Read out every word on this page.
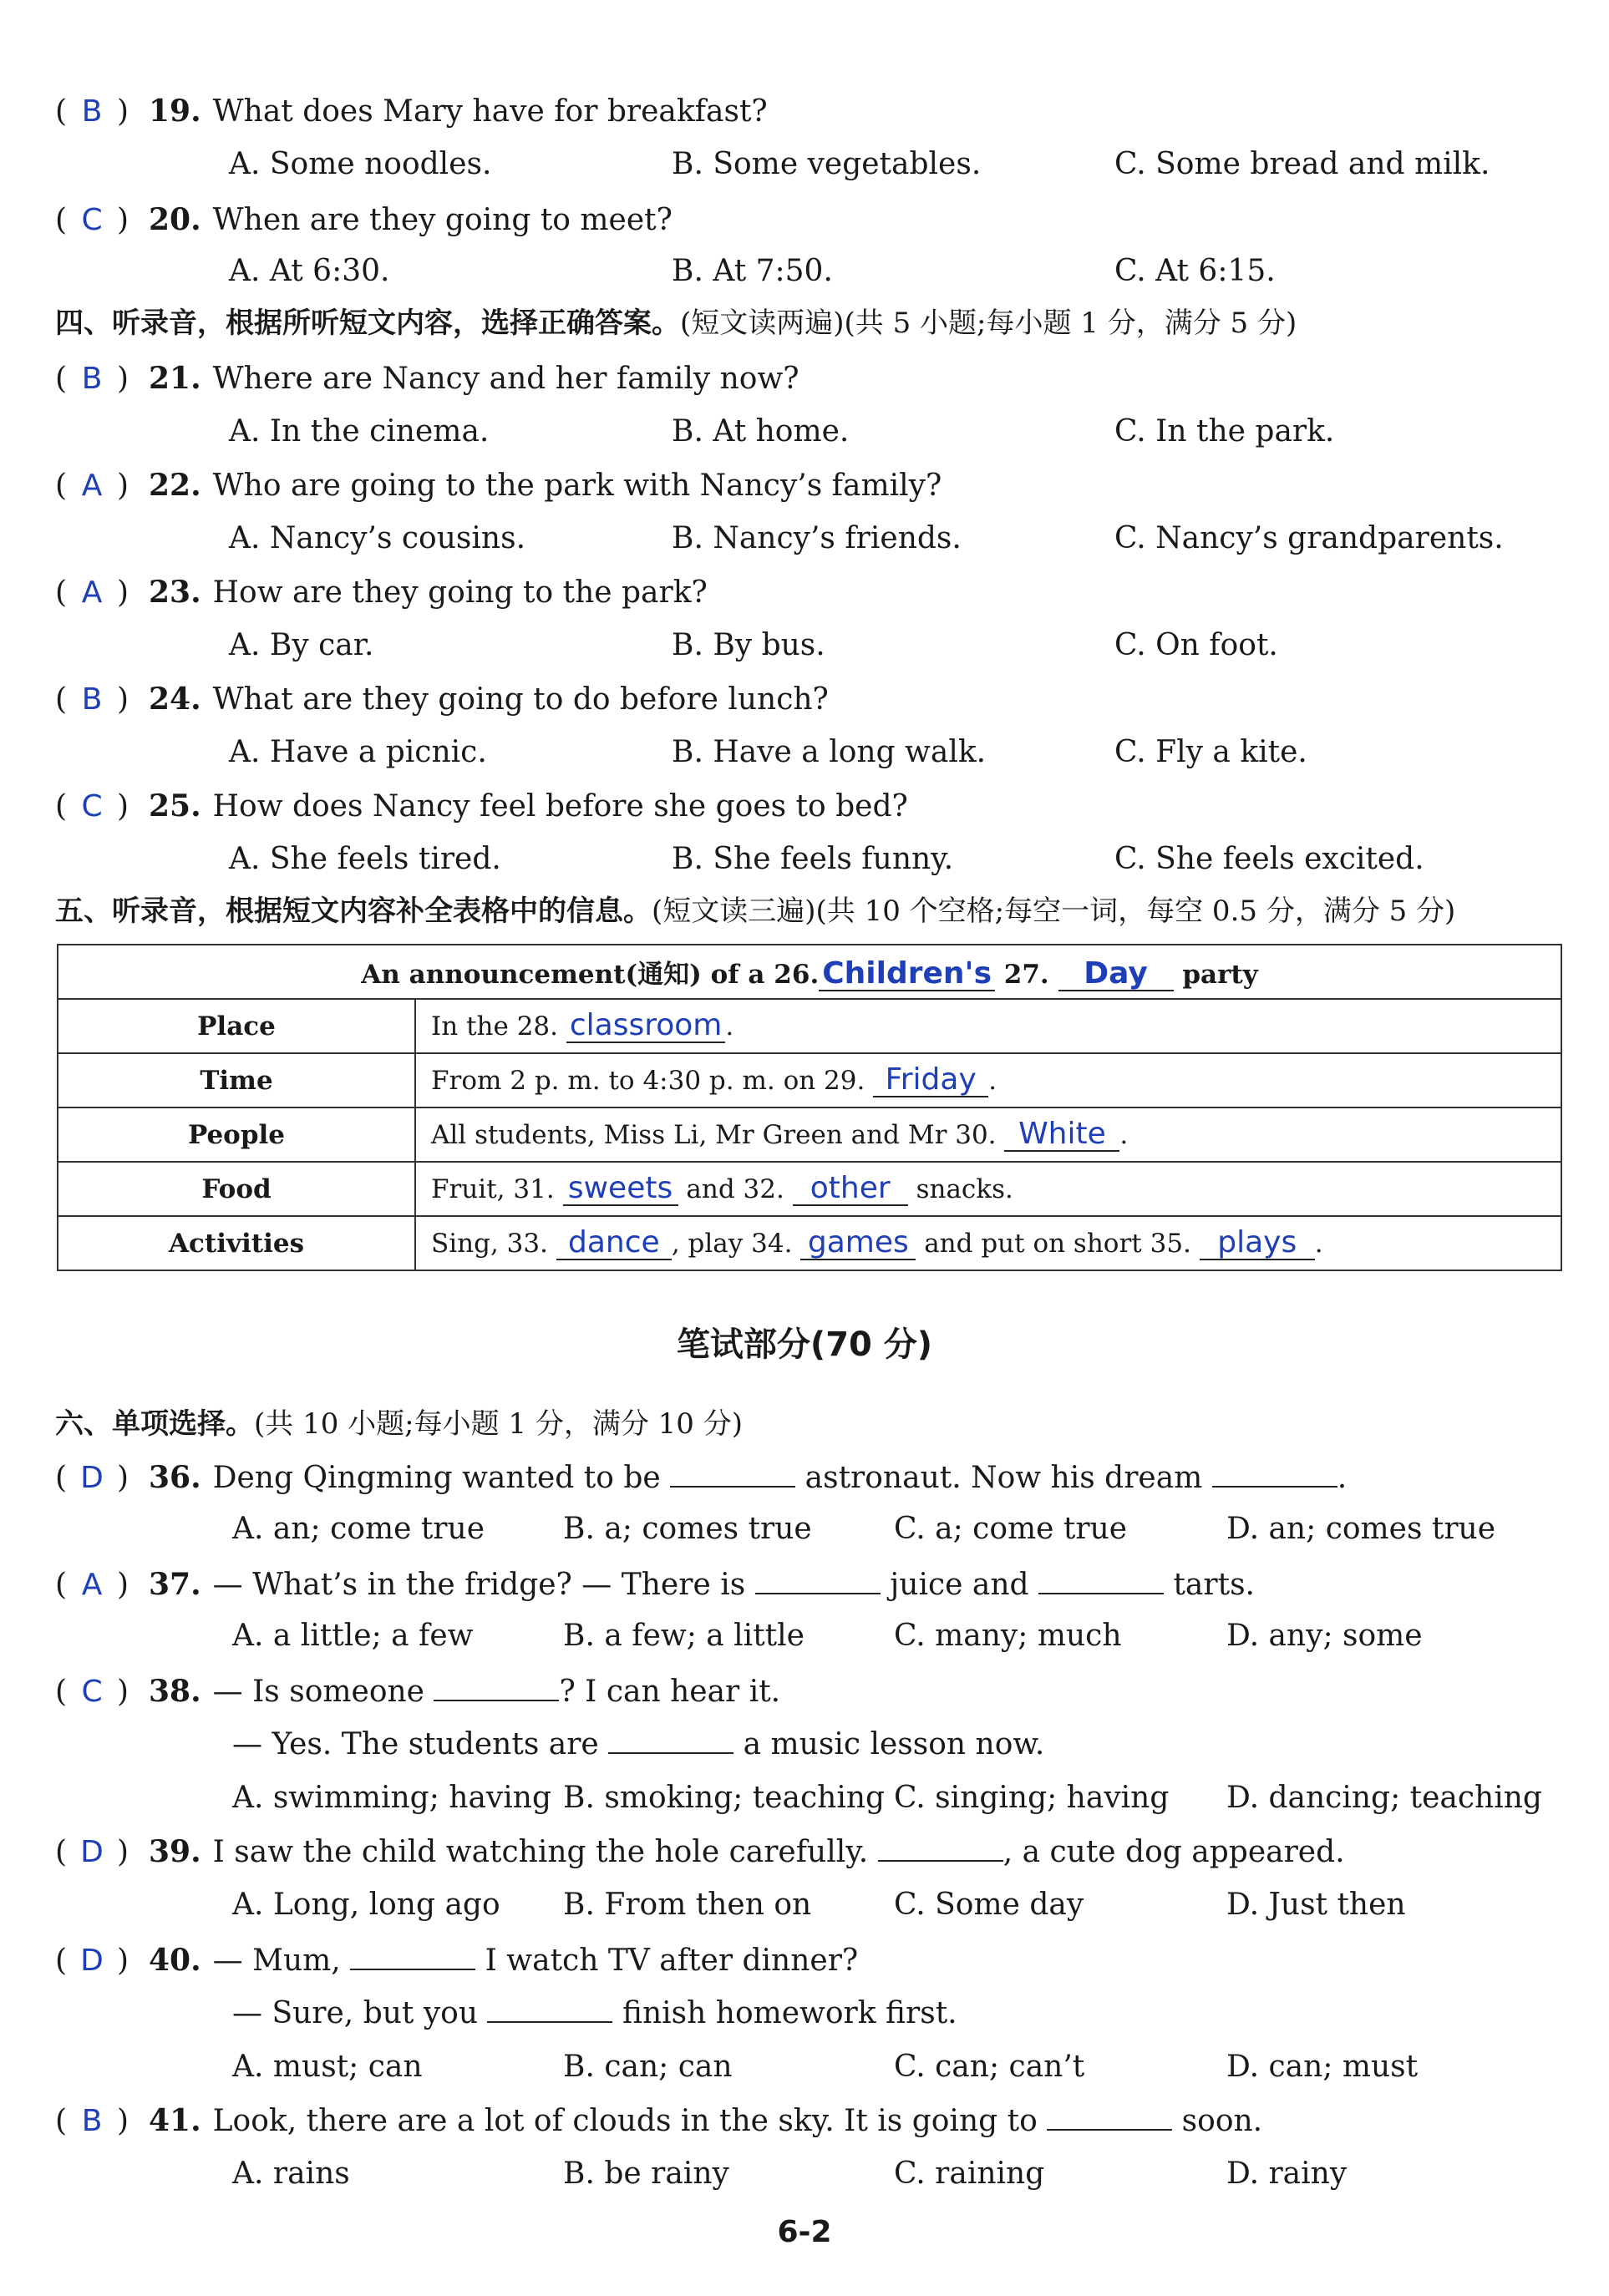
( B ) 19. What does Mary have for breakfast?
A. Some noodles.	B. Some vegetables.	C. Some bread and milk.
( C ) 20. When are they going to meet?
A. At 6:30.	B. At 7:50.	C. At 6:15.
四、听录音，根据所听短文内容，选择正确答案。(短文读两遍)(共 5 小题;每小题 1 分，满分 5 分)
( B ) 21. Where are Nancy and her family now?
A. In the cinema.	B. At home.	C. In the park.
( A ) 22. Who are going to the park with Nancy’s family?
A. Nancy’s cousins.	B. Nancy’s friends.	C. Nancy’s grandparents.
( A ) 23. How are they going to the park?
A. By car.	B. By bus.	C. On foot.
( B ) 24. What are they going to do before lunch?
A. Have a picnic.	B. Have a long walk.	C. Fly a kite.
( C ) 25. How does Nancy feel before she goes to bed?
A. She feels tired.	B. She feels funny.	C. She feels excited.
五、听录音，根据短文内容补全表格中的信息。(短文读三遍)(共 10 个空格;每空一词，每空 0.5 分，满分 5 分)
An announcement(通知) of a 26. Children's 27. Day party	
Place	In the 28. classroom .
Time	From 2 p. m. to 4:30 p. m. on 29. Friday .
People	All students, Miss Li, Mr Green and Mr 30. White .
Food	Fruit, 31. sweets and 32. other snacks.
Activities	Sing, 33. dance , play 34. games and put on short 35. plays .
笔试部分(70 分)
六、单项选择。(共 10 小题;每小题 1 分，满分 10 分)
( D ) 36. Deng Qingming wanted to be	astronaut. Now his dream	.
A. an; come true	B. a; comes true	C. a; come true	D. an; comes true
( A ) 37. — What’s in the fridge? — There is	juice and	tarts.
A. a little; a few	B. a few; a little	C. many; much	D. any; some
( C ) 38. — Is someone	? I can hear it.
— Yes. The students are	a music lesson now.
A. swimming; having B. smoking; teaching C. singing; having D. dancing; teaching
( D ) 39. I saw the child watching the hole carefully.	, a cute dog appeared.
A. Long, long ago B. From then on	C. Some day	D. Just then
( D ) 40. — Mum,	I watch TV after dinner?
— Sure, but you	finish homework first.
A. must; can	B. can; can	C. can; can’t	D. can; must
( B ) 41. Look, there are a lot of clouds in the sky. It is going to	soon.
A. rains	B. be rainy	C. raining	D. rainy
6-2
